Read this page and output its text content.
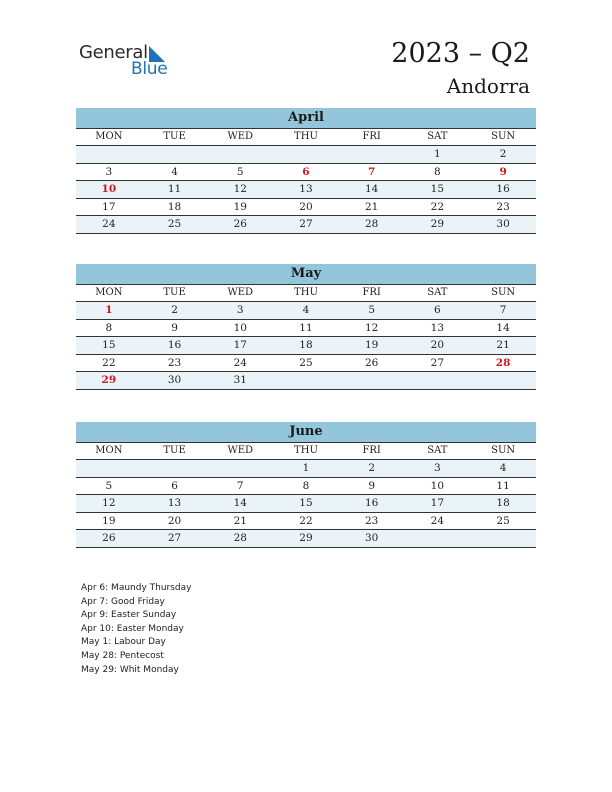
General
Blue	2023 – Q2
Andorra
April
MON	TUE	WED	THU	FRI	SAT	SUN
					1	2
3	4	5	6	7	8	9
10	11	12	13	14	15	16
17	18	19	20	21	22	23
24	25	26	27	28	29	30
May
MON	TUE	WED	THU	FRI	SAT	SUN
1	2	3	4	5	6	7
8	9	10	11	12	13	14
15	16	17	18	19	20	21
22	23	24	25	26	27	28
29	30	31				
June
MON	TUE	WED	THU	FRI	SAT	SUN
			1	2	3	4
5	6	7	8	9	10	11
12	13	14	15	16	17	18
19	20	21	22	23	24	25
26	27	28	29	30		
Apr 6: Maundy Thursday
Apr 7: Good Friday
Apr 9: Easter Sunday
Apr 10: Easter Monday
May 1: Labour Day
May 28: Pentecost
May 29: Whit Monday
